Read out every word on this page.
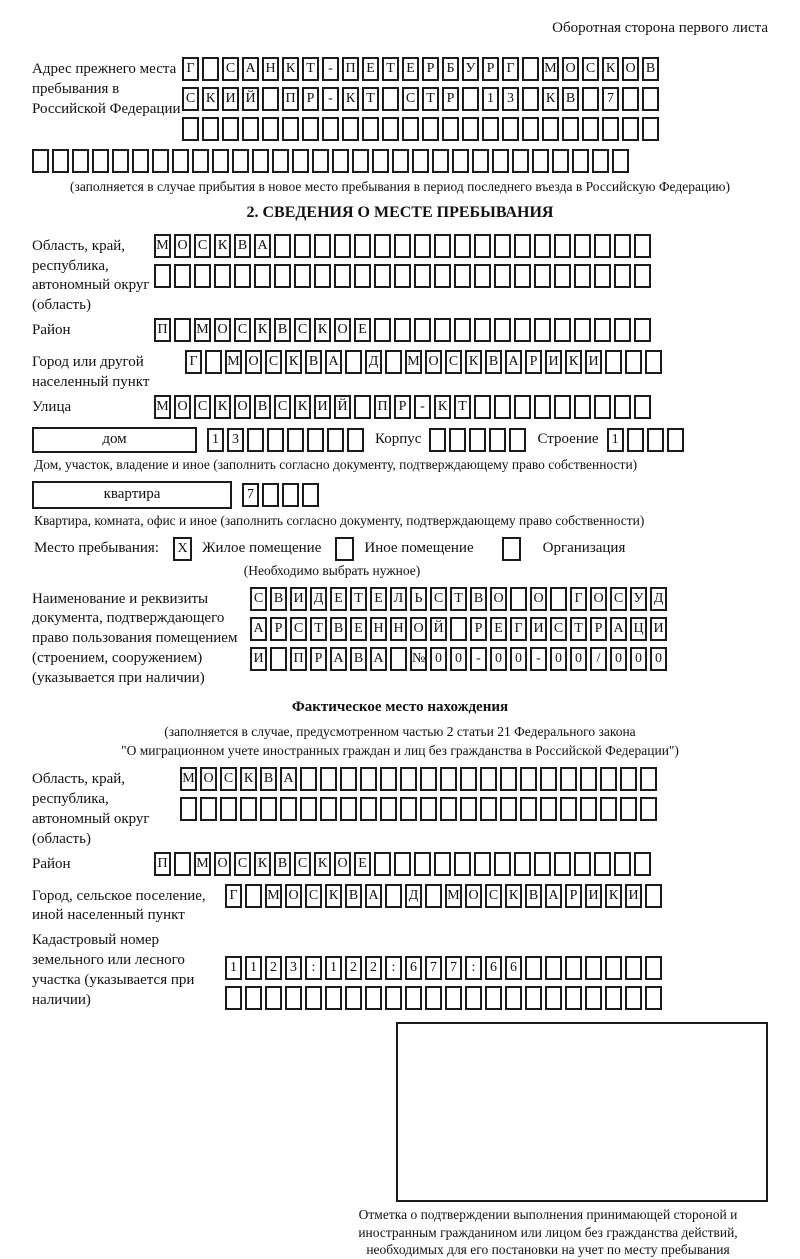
Оборотная сторона первого листа
Адрес прежнего места пребывания в Российской Федерации
Г	С А Н К Т - П Е Т Е Р Б У Р Г	М О С К О В
С К И Й П Р - К Т	С Т Р	1 3	К В	7
(заполняется в случае прибытия в новое место пребывания в период последнего въезда в Российскую Федерацию)
2. СВЕДЕНИЯ О МЕСТЕ ПРЕБЫВАНИЯ
Область, край, республика, автономный округ (область)
М О С К В А
Район	П М О С К В С К О Е
Город или другой населенный пункт
Г	М О С К В А Д М О С К В А Р И К И
Улица	М О С К О В С К И Й П Р - К Т
дом	1 3	Корпус	Строение 1
Дом, участок, владение и иное (заполнить согласно документу, подтверждающему право собственности)
квартира	7
Квартира, комната, офис и иное (заполнить согласно документу, подтверждающему право собственности)
Место пребывания:	X Жилое помещение	Иное помещение	Организация
(Необходимо выбрать нужное)
Наименование и реквизиты документа, подтверждающего право пользования помещением (строением, сооружением) (указывается при наличии)
С В И Д Е Т Е Л Ь С Т В О О	Г О С У Д
А Р С Т В Е Н Н О Й	Р Е Г И С Т Р А Ц И
И П Р А В А № 0 0	-	0 0	-	0 0	/	0 0 0
Фактическое место нахождения
(заполняется в случае, предусмотренном частью 2 статьи 21 Федерального закона
"О миграционном учете иностранных граждан и лиц без гражданства в Российской Федерации")
Область, край, республика, автономный округ (область)
М О С К В А
Район	П М О С К В С К О Е
Город, сельское поселение, иной населенный пункт
Г	М О С К В А Д М О С К В А Р И К И
Кадастровый номер земельного или лесного участка (указывается при наличии)
1 1 2 3	:	1 2 2	:	6 7 7	:	6 6
Отметка о подтверждении выполнения принимающей стороной и иностранным гражданином или лицом без гражданства действий, необходимых для его постановки на учет по месту пребывания
